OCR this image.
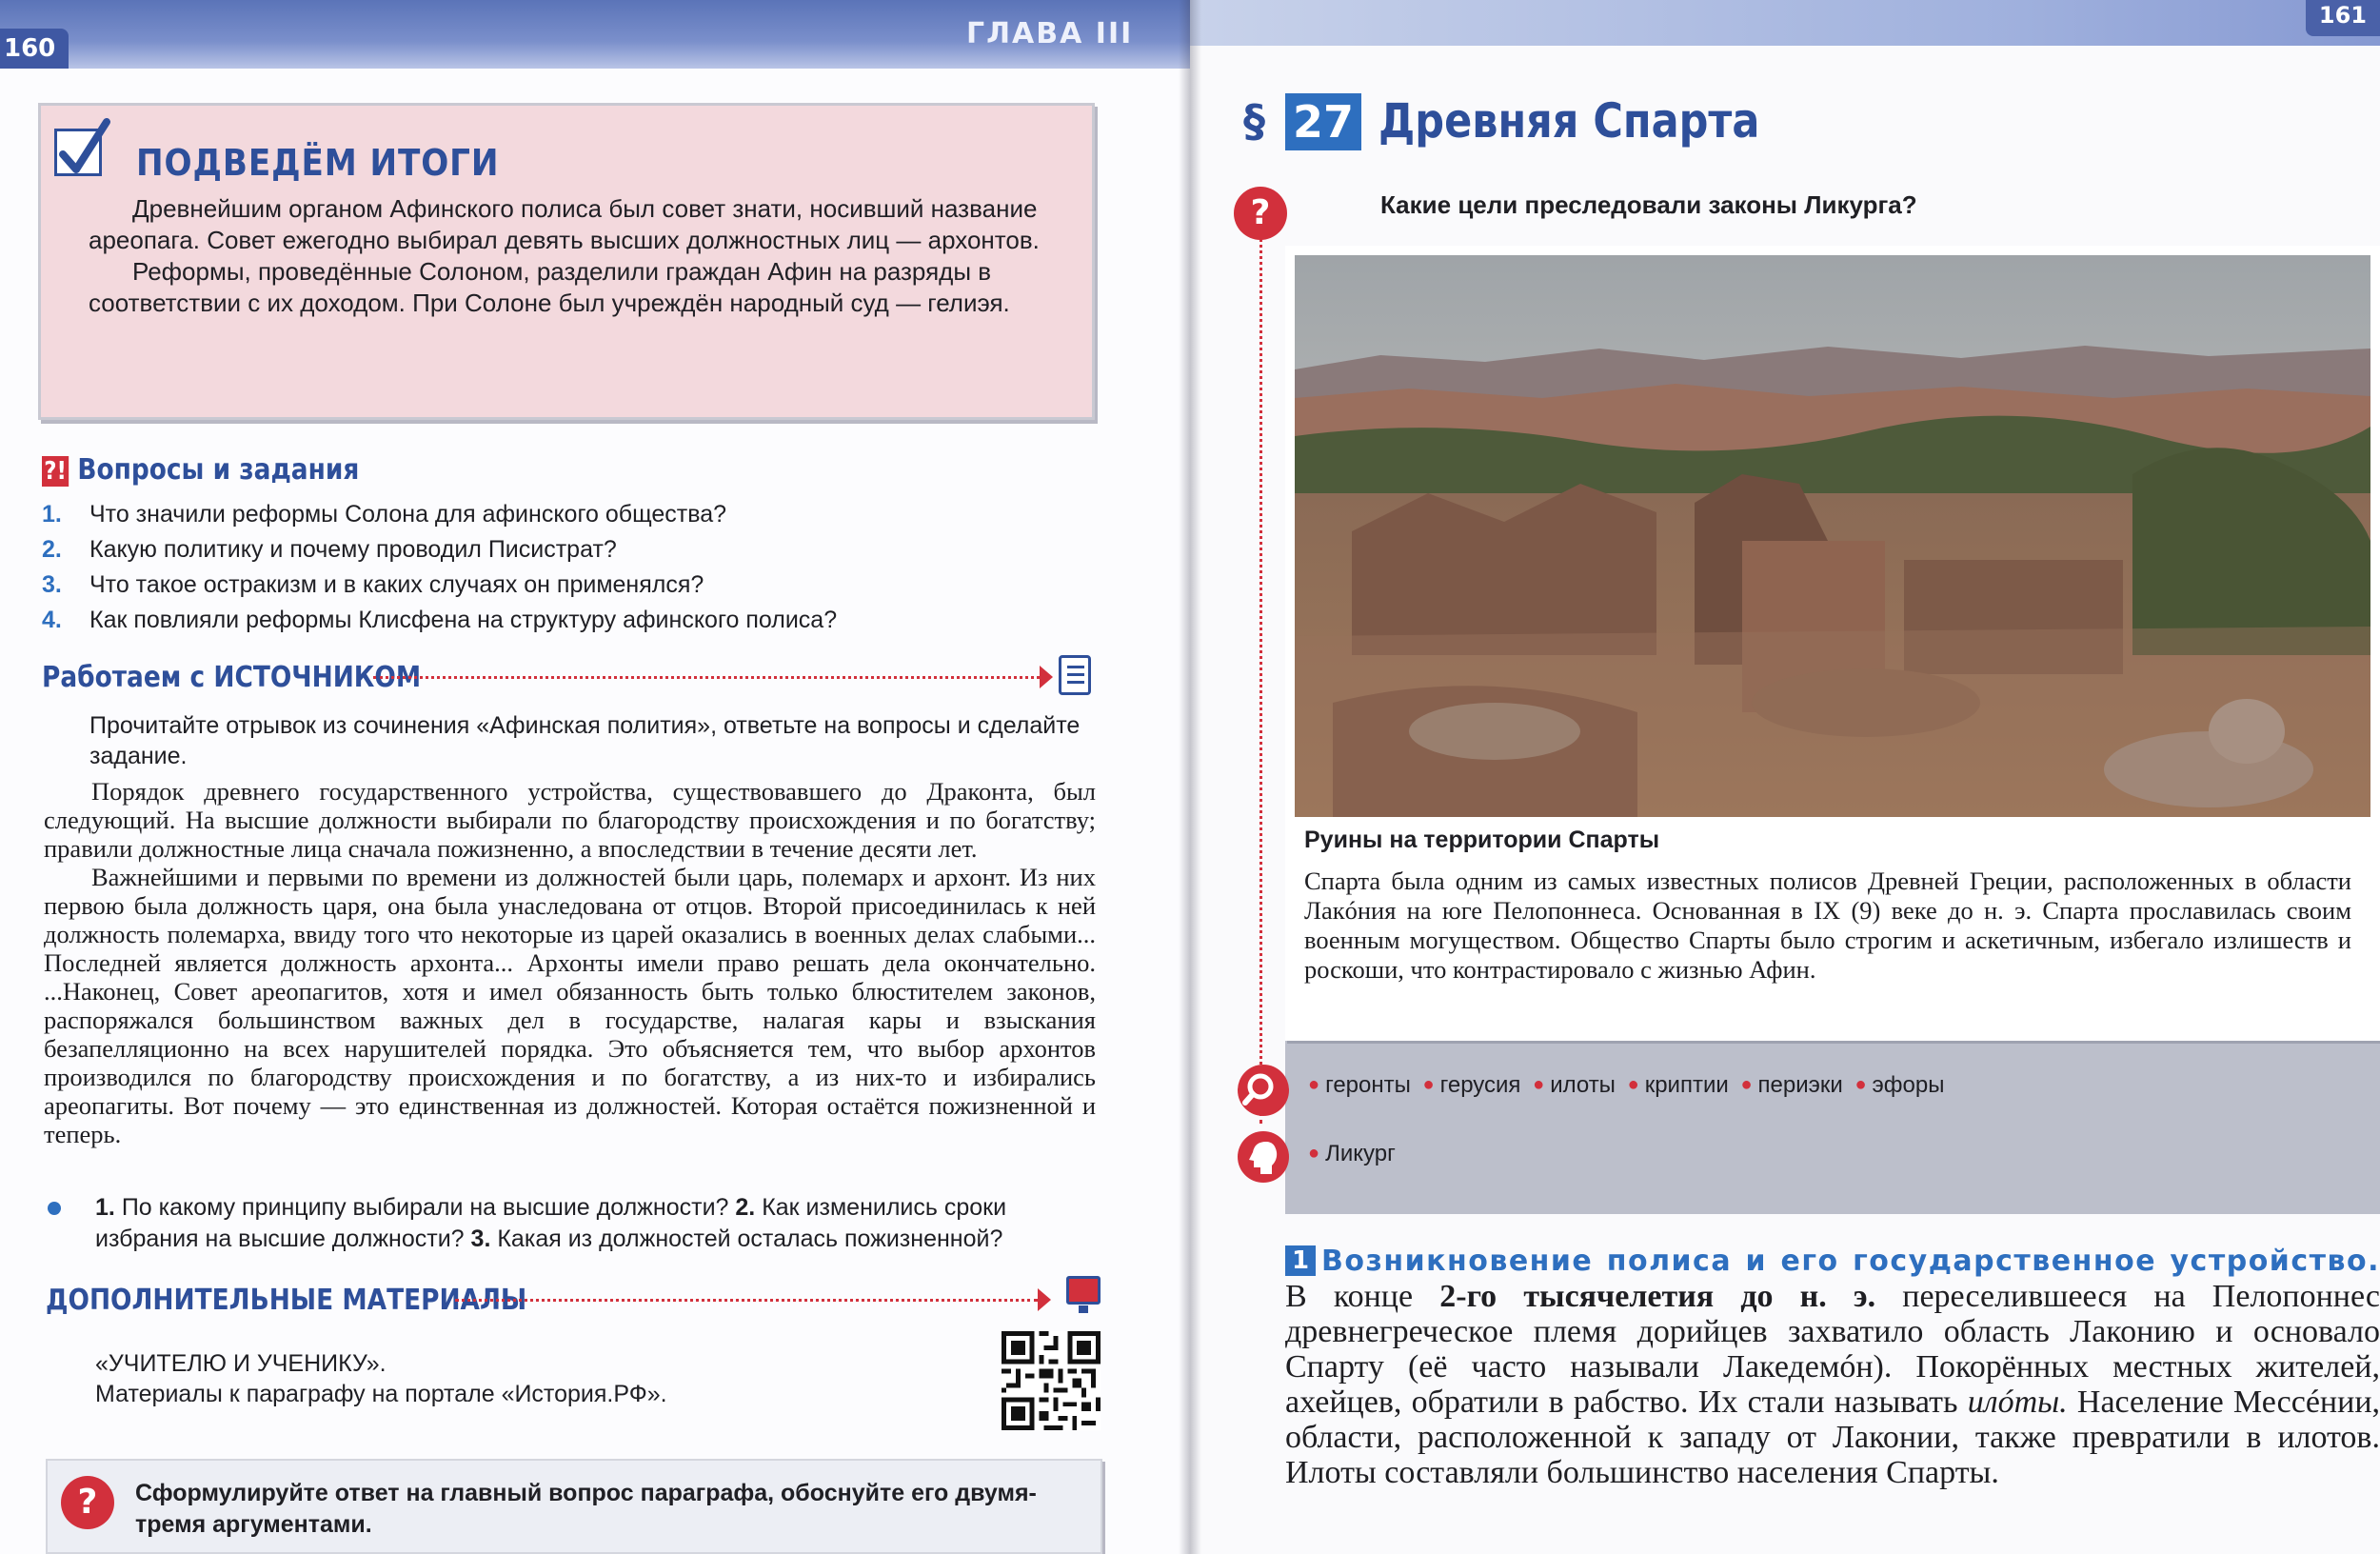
160	ГЛАВА III
ПОДВЕДЁМ ИТОГИ

Древнейшим органом Афинского полиса был совет знати, носивший название ареопага. Совет ежегодно выбирал девять высших должностных лиц — архонтов.

Реформы, проведённые Солоном, разделили граждан Афин на разряды в соответствии с их доходом. При Солоне был учреждён народный суд — гелиэя.

?! Вопросы и задания
1. Что значили реформы Солона для афинского общества?
2. Какую политику и почему проводил Писистрат?
3. Что такое остракизм и в каких случаях он применялся?
4. Как повлияли реформы Клисфена на структуру афинского полиса?
Работаем с ИСТОЧНИКОМ
Прочитайте отрывок из сочинения «Афинская полития», ответьте на вопросы и сделайте задание.

Порядок древнего государственного устройства, существовавшего до Драконта, был следующий. На высшие должности выбирали по благородству происхождения и по богатству; правили должностные лица сначала пожизненно, а впоследствии в течение десяти лет.

Важнейшими и первыми по времени из должностей были царь, полемарх и архонт. Из них первою была должность царя, она была унаследована от отцов. Второй присоединилась к ней должность полемарха, ввиду того что некоторые из царей оказались в военных делах слабыми... Последней является должность архонта... Архонты имели право решать дела окончательно. ...Наконец, Совет ареопагитов, хотя и имел обязанность быть только блюстителем законов, распоряжался большинством важных дел в государстве, налагая кары и взыскания безапелляционно на всех нарушителей порядка. Это объясняется тем, что выбор архонтов производился по благородству происхождения и по богатству, а из них-то и избирались ареопагиты. Вот почему — это единственная из должностей. Которая остаётся пожизненной и теперь.

1. По какому принципу выбирали на высшие должности? 2. Как изменились сроки избрания на высшие должности? 3. Какая из должностей осталась пожизненной?
ДОПОЛНИТЕЛЬНЫЕ МАТЕРИАЛЫ
«УЧИТЕЛЮ И УЧЕНИКУ».
Материалы к параграфу на портале «История.РФ».
?	Сформулируйте ответ на главный вопрос параграфа, обоснуйте его двумя-тремя аргументами.
161
§ 27 Древняя Спарта
?	Какие цели преследовали законы Ликурга?
Руины на территории Спарты
Спарта была одним из самых известных полисов Древней Греции, расположенных в области Лакóния на юге Пелопоннеса. Основанная в IX (9) веке до н. э. Спарта прославилась своим военным могуществом. Общество Спарты было строгим и аскетичным, избегало излишеств и роскоши, что контрастировало с жизнью Афин.
● геронты ● герусия ● илоты ● криптии ● периэки ● эфоры
● Ликург
1 Возникновение полиса и его государственное устройство. В конце 2-го тысячелетия до н. э. переселившееся на Пелопоннес древнегреческое племя дорийцев захватило область Лаконию и основало Спарту (её часто называли Лакедемóн). Покорённых местных жителей, ахейцев, обратили в рабство. Их стали называть илóты. Население Мессéнии, области, расположенной к западу от Лаконии, также превратили в илотов. Илоты составляли большинство населения Спарты.
